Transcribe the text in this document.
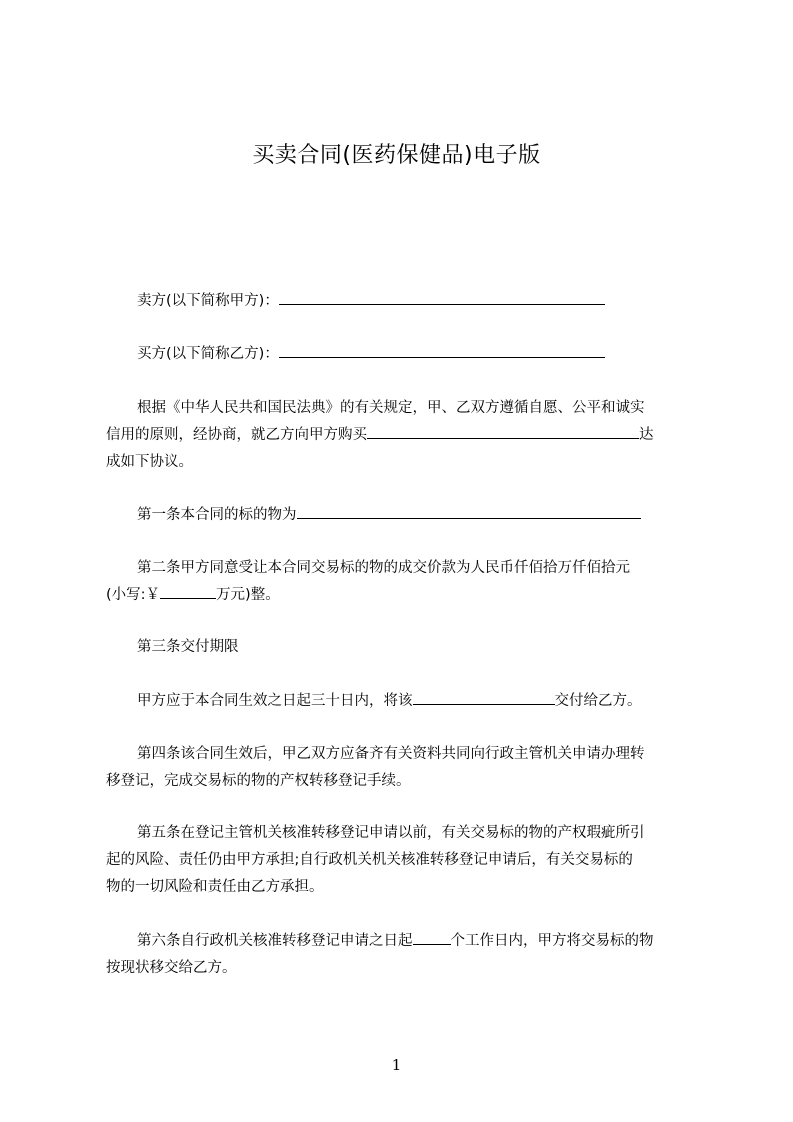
买卖合同(医药保健品)电子版
卖方(以下简称甲方)：
买方(以下简称乙方)：
根据《中华人民共和国民法典》的有关规定，甲、乙双方遵循自愿、公平和诚实
信用的原则，经协商，就乙方向甲方购买	达
成如下协议。
第一条本合同的标的物为
第二条甲方同意受让本合同交易标的物的成交价款为人民币仟佰拾万仟佰拾元
(小写:￥	万元)整。
第三条交付期限
甲方应于本合同生效之日起三十日内，将该	交付给乙方。
第四条该合同生效后，甲乙双方应备齐有关资料共同向行政主管机关申请办理转
移登记，完成交易标的物的产权转移登记手续。
第五条在登记主管机关核准转移登记申请以前，有关交易标的物的产权瑕疵所引
起的风险、责任仍由甲方承担;自行政机关机关核准转移登记申请后，有关交易标的
物的一切风险和责任由乙方承担。
第六条自行政机关核准转移登记申请之日起	个工作日内，甲方将交易标的物
按现状移交给乙方。
1
